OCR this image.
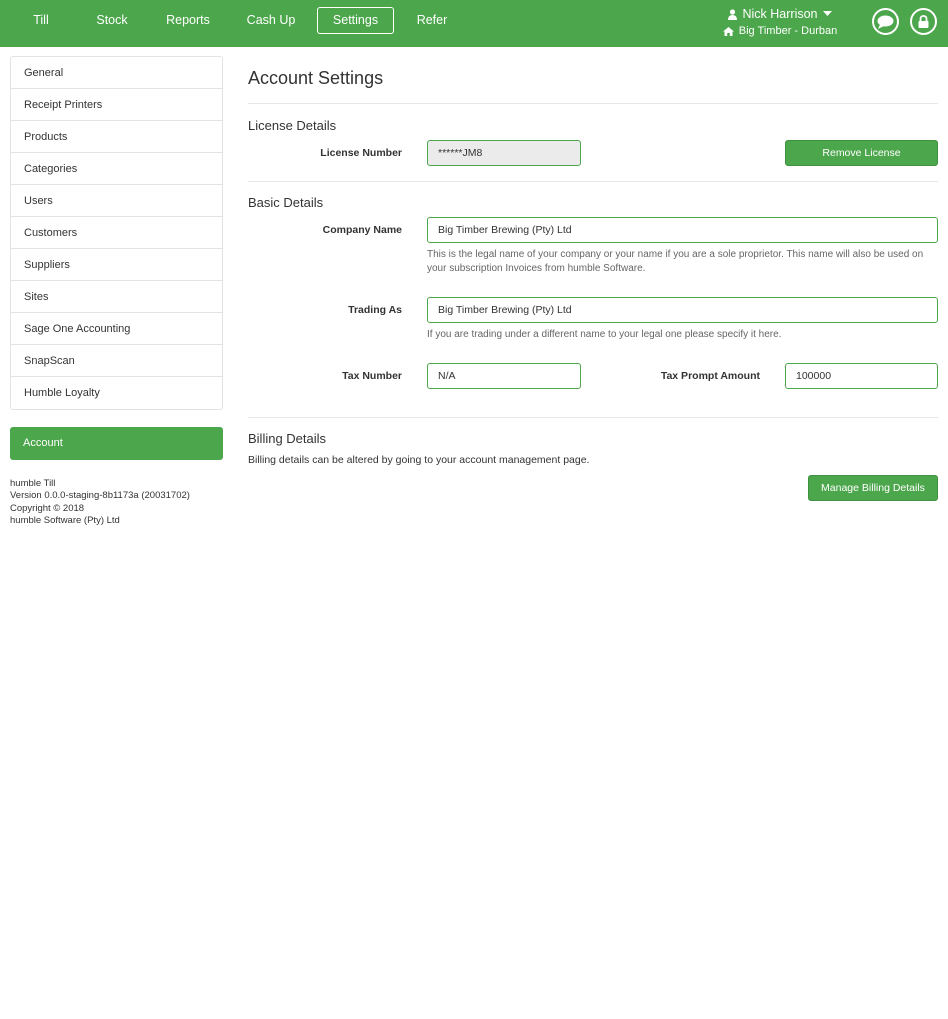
Till	Stock	Reports	Cash Up	Settings	Refer	Nick Harrison
Big Timber - Durban
General
Receipt Printers
Products
Categories
Users
Customers
Suppliers
Sites
Sage One Accounting
SnapScan
Humble Loyalty
Account
humble Till
Version 0.0.0-staging-8b1173a (20031702)
Copyright © 2018
humble Software (Pty) Ltd
Account Settings
License Details
License Number	******JM8	Remove License
Basic Details
Company Name	Big Timber Brewing (Pty) Ltd
This is the legal name of your company or your name if you are a sole proprietor. This name will also be used on your subscription Invoices from humble Software.
Trading As	Big Timber Brewing (Pty) Ltd
If you are trading under a different name to your legal one please specify it here.
Tax Number	N/A	Tax Prompt Amount	100000
Billing Details
Billing details can be altered by going to your account management page.
Manage Billing Details
